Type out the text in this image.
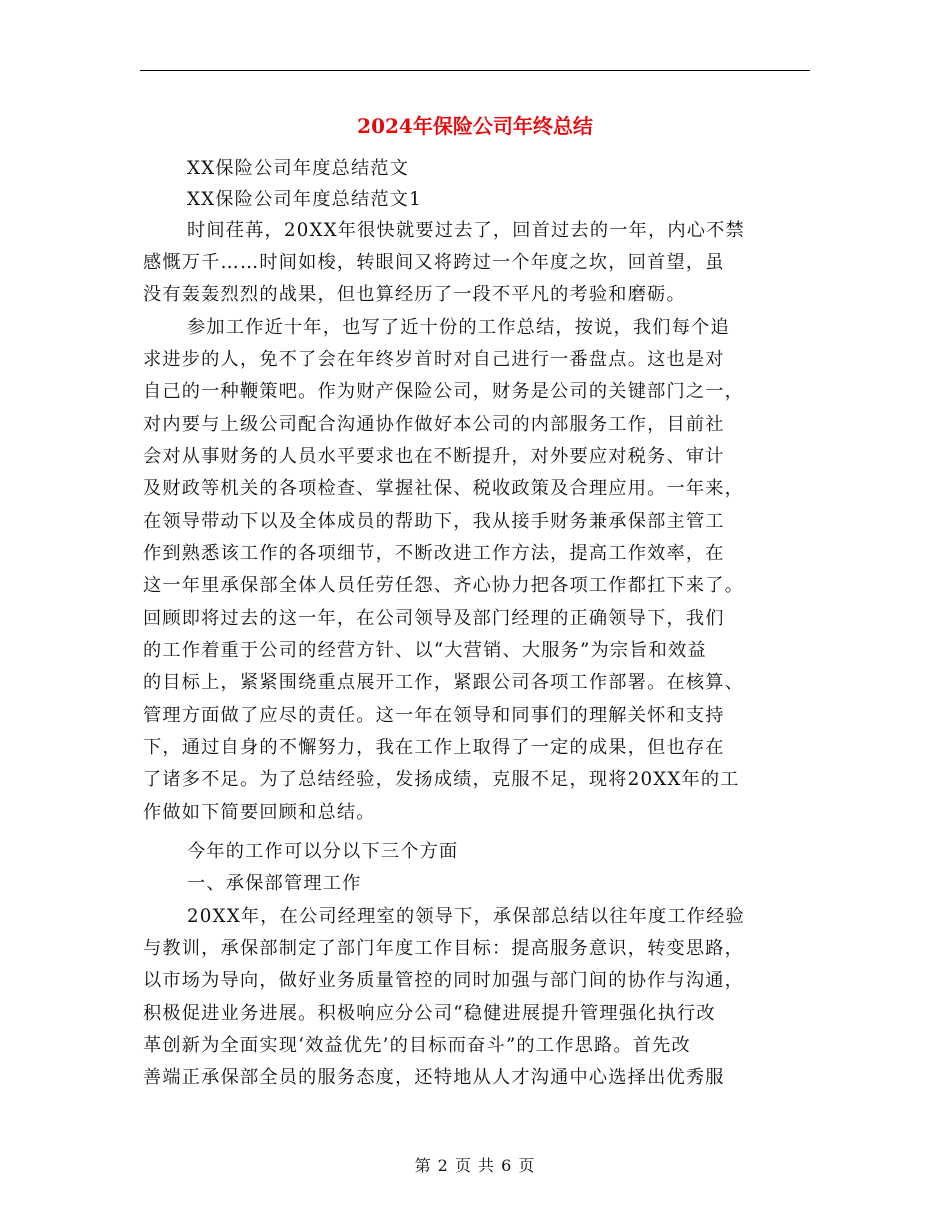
2024年保险公司年终总结
XX保险公司年度总结范文
XX保险公司年度总结范文1
时间荏苒，20XX年很快就要过去了，回首过去的一年，内心不禁
感慨万千……时间如梭，转眼间又将跨过一个年度之坎，回首望，虽
没有轰轰烈烈的战果，但也算经历了一段不平凡的考验和磨砺。
参加工作近十年，也写了近十份的工作总结，按说，我们每个追
求进步的人，免不了会在年终岁首时对自己进行一番盘点。这也是对
自己的一种鞭策吧。作为财产保险公司，财务是公司的关键部门之一，
对内要与上级公司配合沟通协作做好本公司的内部服务工作，目前社
会对从事财务的人员水平要求也在不断提升，对外要应对税务、审计
及财政等机关的各项检查、掌握社保、税收政策及合理应用。一年来，
在领导带动下以及全体成员的帮助下，我从接手财务兼承保部主管工
作到熟悉该工作的各项细节，不断改进工作方法，提高工作效率，在
这一年里承保部全体人员任劳任怨、齐心协力把各项工作都扛下来了。
回顾即将过去的这一年，在公司领导及部门经理的正确领导下，我们
的工作着重于公司的经营方针、以“大营销、大服务”为宗旨和效益
的目标上，紧紧围绕重点展开工作，紧跟公司各项工作部署。在核算、
管理方面做了应尽的责任。这一年在领导和同事们的理解关怀和支持
下，通过自身的不懈努力，我在工作上取得了一定的成果，但也存在
了诸多不足。为了总结经验，发扬成绩，克服不足，现将20XX年的工
作做如下简要回顾和总结。
今年的工作可以分以下三个方面
一、承保部管理工作
20XX年，在公司经理室的领导下，承保部总结以往年度工作经验
与教训，承保部制定了部门年度工作目标：提高服务意识，转变思路，
以市场为导向，做好业务质量管控的同时加强与部门间的协作与沟通，
积极促进业务进展。积极响应分公司“稳健进展提升管理强化执行改
革创新为全面实现‘效益优先’的目标而奋斗”的工作思路。首先改
善端正承保部全员的服务态度，还特地从人才沟通中心选择出优秀服
第 2 页 共 6 页
